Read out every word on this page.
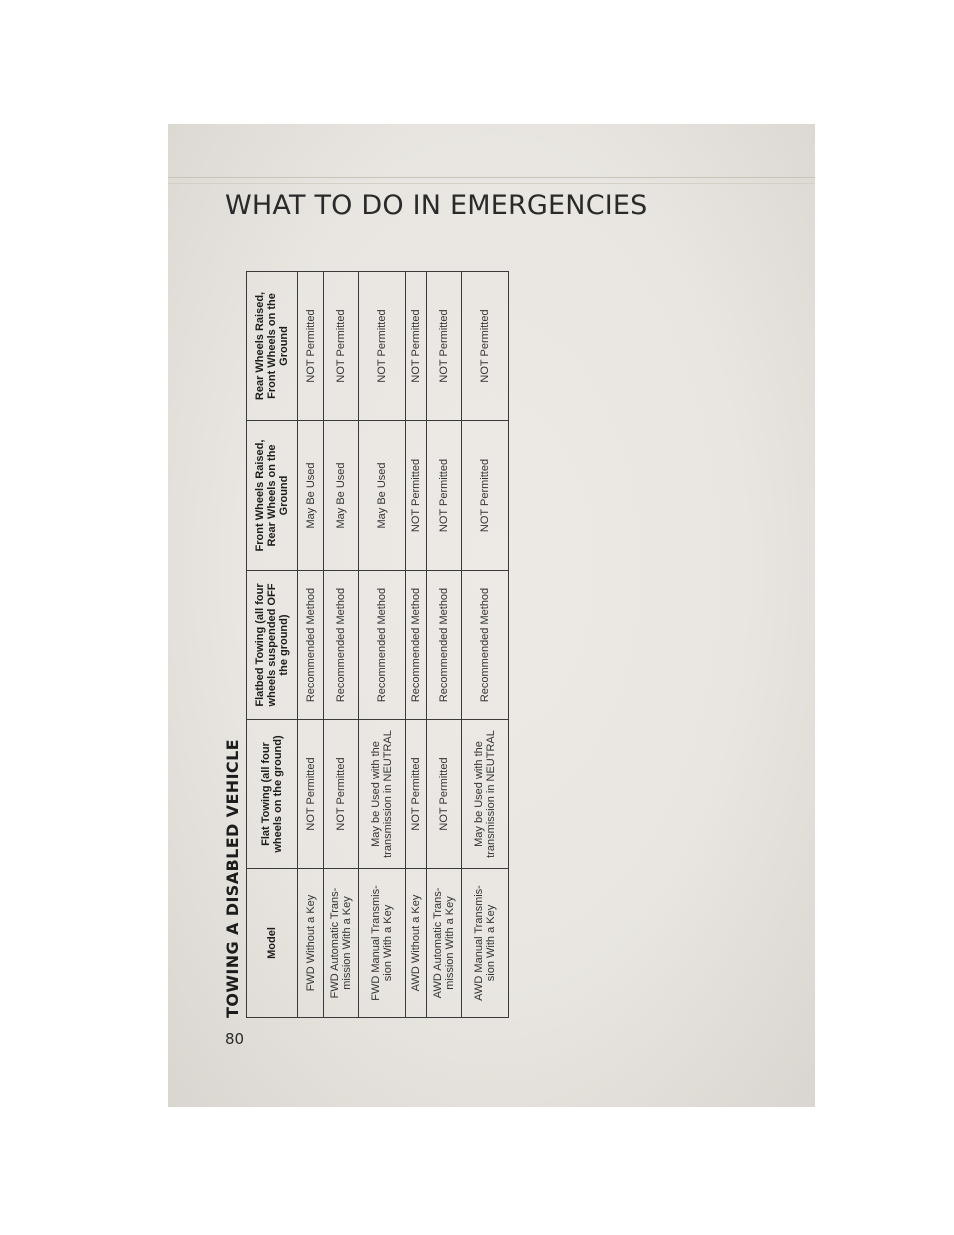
WHAT TO DO IN EMERGENCIES
TOWING A DISABLED VEHICLE Model	Flat Towing (all four wheels on the ground)	Flatbed Towing (all four wheels suspended OFF the ground)	Front Wheels Raised, Rear Wheels on the Ground	Rear Wheels Raised, Front Wheels on the Ground
FWD Without a Key	NOT Permitted	Recommended Method	May Be Used	NOT Permitted
FWD Automatic Trans- mission With a Key	NOT Permitted	Recommended Method	May Be Used	NOT Permitted
FWD Manual Transmis- sion With a Key	May be Used with the transmission in NEUTRAL	Recommended Method	May Be Used	NOT Permitted
AWD Without a Key	NOT Permitted	Recommended Method	NOT Permitted	NOT Permitted
AWD Automatic Trans- mission With a Key	NOT Permitted	Recommended Method	NOT Permitted	NOT Permitted
AWD Manual Transmis- sion With a Key	May be Used with the transmission in NEUTRAL	Recommended Method	NOT Permitted	NOT Permitted
80
